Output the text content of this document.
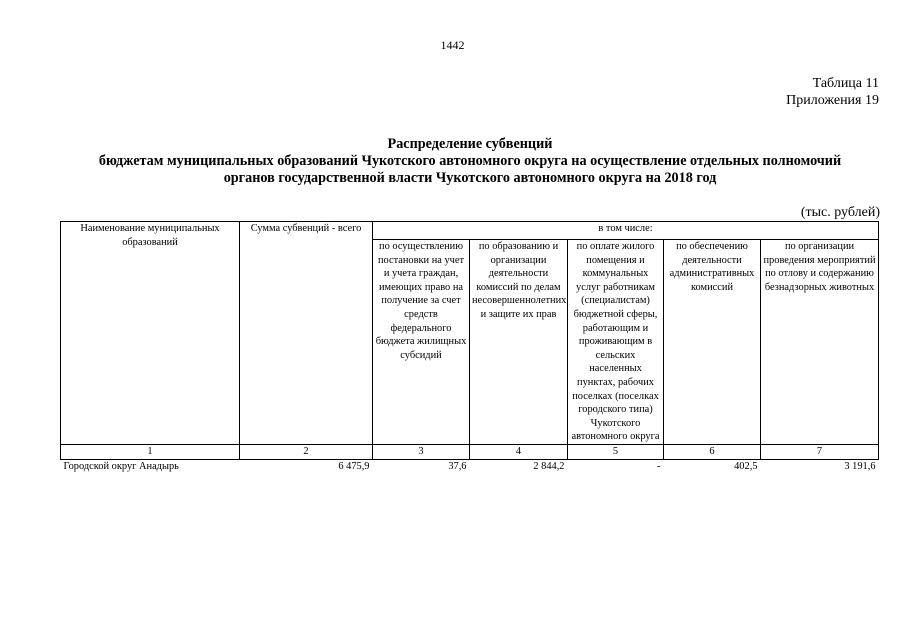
1442
Таблица 11
Приложения 19
Распределение субвенций
бюджетам муниципальных образований Чукотского автономного округа на осуществление отдельных полномочий
органов государственной власти Чукотского автономного округа на 2018 год
(тыс. рублей)
Наименование муниципальных образований	Сумма субвенций - всего	в том числе:				
		по осуществлению постановки на учет и учета граждан, имеющих право на получение за счет средств федерального бюджета жилищных субсидий	по образованию и организации деятельности комиссий по делам несовершеннолетних и защите их прав	по оплате жилого помещения и коммунальных услуг работникам (специалистам) бюджетной сферы, работающим и проживающим в сельских населенных пунктах, рабочих поселках (поселках городского типа) Чукотского автономного округа	по обеспечению деятельности административных комиссий	по организации проведения мероприятий по отлову и содержанию безнадзорных животных
1	2	3	4	5	6	7
Городской округ Анадырь	6 475,9	37,6	2 844,2	-	402,5	3 191,6
